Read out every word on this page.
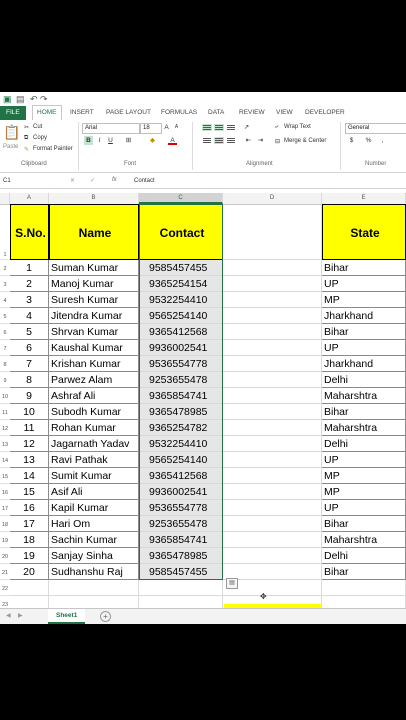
▣ ▤ ↶ ↷
FILE	HOME	INSERT PAGE LAYOUT FORMULAS DATA REVIEW VIEW DEVELOPER
📋
Paste
✂ Cut
⧉ Copy
✎ Format Painter
Clipboard
Arial	18	A	A
B	I	U	⊞	◆	A
Font
↗
⇤ ⇥
⤶ Wrap Text
⊟ Merge & Center
Alignment
General
$	%	,
Number
C1	✕ ✓	fx	Contact
A	B	C	D	E
1
2
3
4
5
6
7
8
9
10
11
12
13
14
15
16
17
18
19
20
21
22
23
S.No.	Name	Contact	State
1	Suman Kumar	9585457455	Bihar
2	Manoj Kumar	9365254154	UP
3	Suresh Kumar	9532254410	MP
4	Jitendra Kumar	9565254140	Jharkhand
5	Shrvan Kumar	9365412568	Bihar
6	Kaushal Kumar	9936002541	UP
7	Krishan Kumar	9536554778	Jharkhand
8	Parwez Alam	9253655478	Delhi
9	Ashraf Ali	9365854741	Maharshtra
10	Subodh Kumar	9365478985	Bihar
11	Rohan Kumar	9365254782	Maharshtra
12	Jagarnath Yadav	9532254410	Delhi
13	Ravi Pathak	9565254140	UP
14	Sumit Kumar	9365412568	MP
15	Asif Ali	9936002541	MP
16	Kapil Kumar	9536554778	UP
17	Hari Om	9253655478	Bihar
18	Sachin Kumar	9365854741	Maharshtra
19	Sanjay Sinha	9365478985	Delhi
20	Sudhanshu Raj	9585457455	Bihar
▤
✥
◀ ▶	Sheet1	+
